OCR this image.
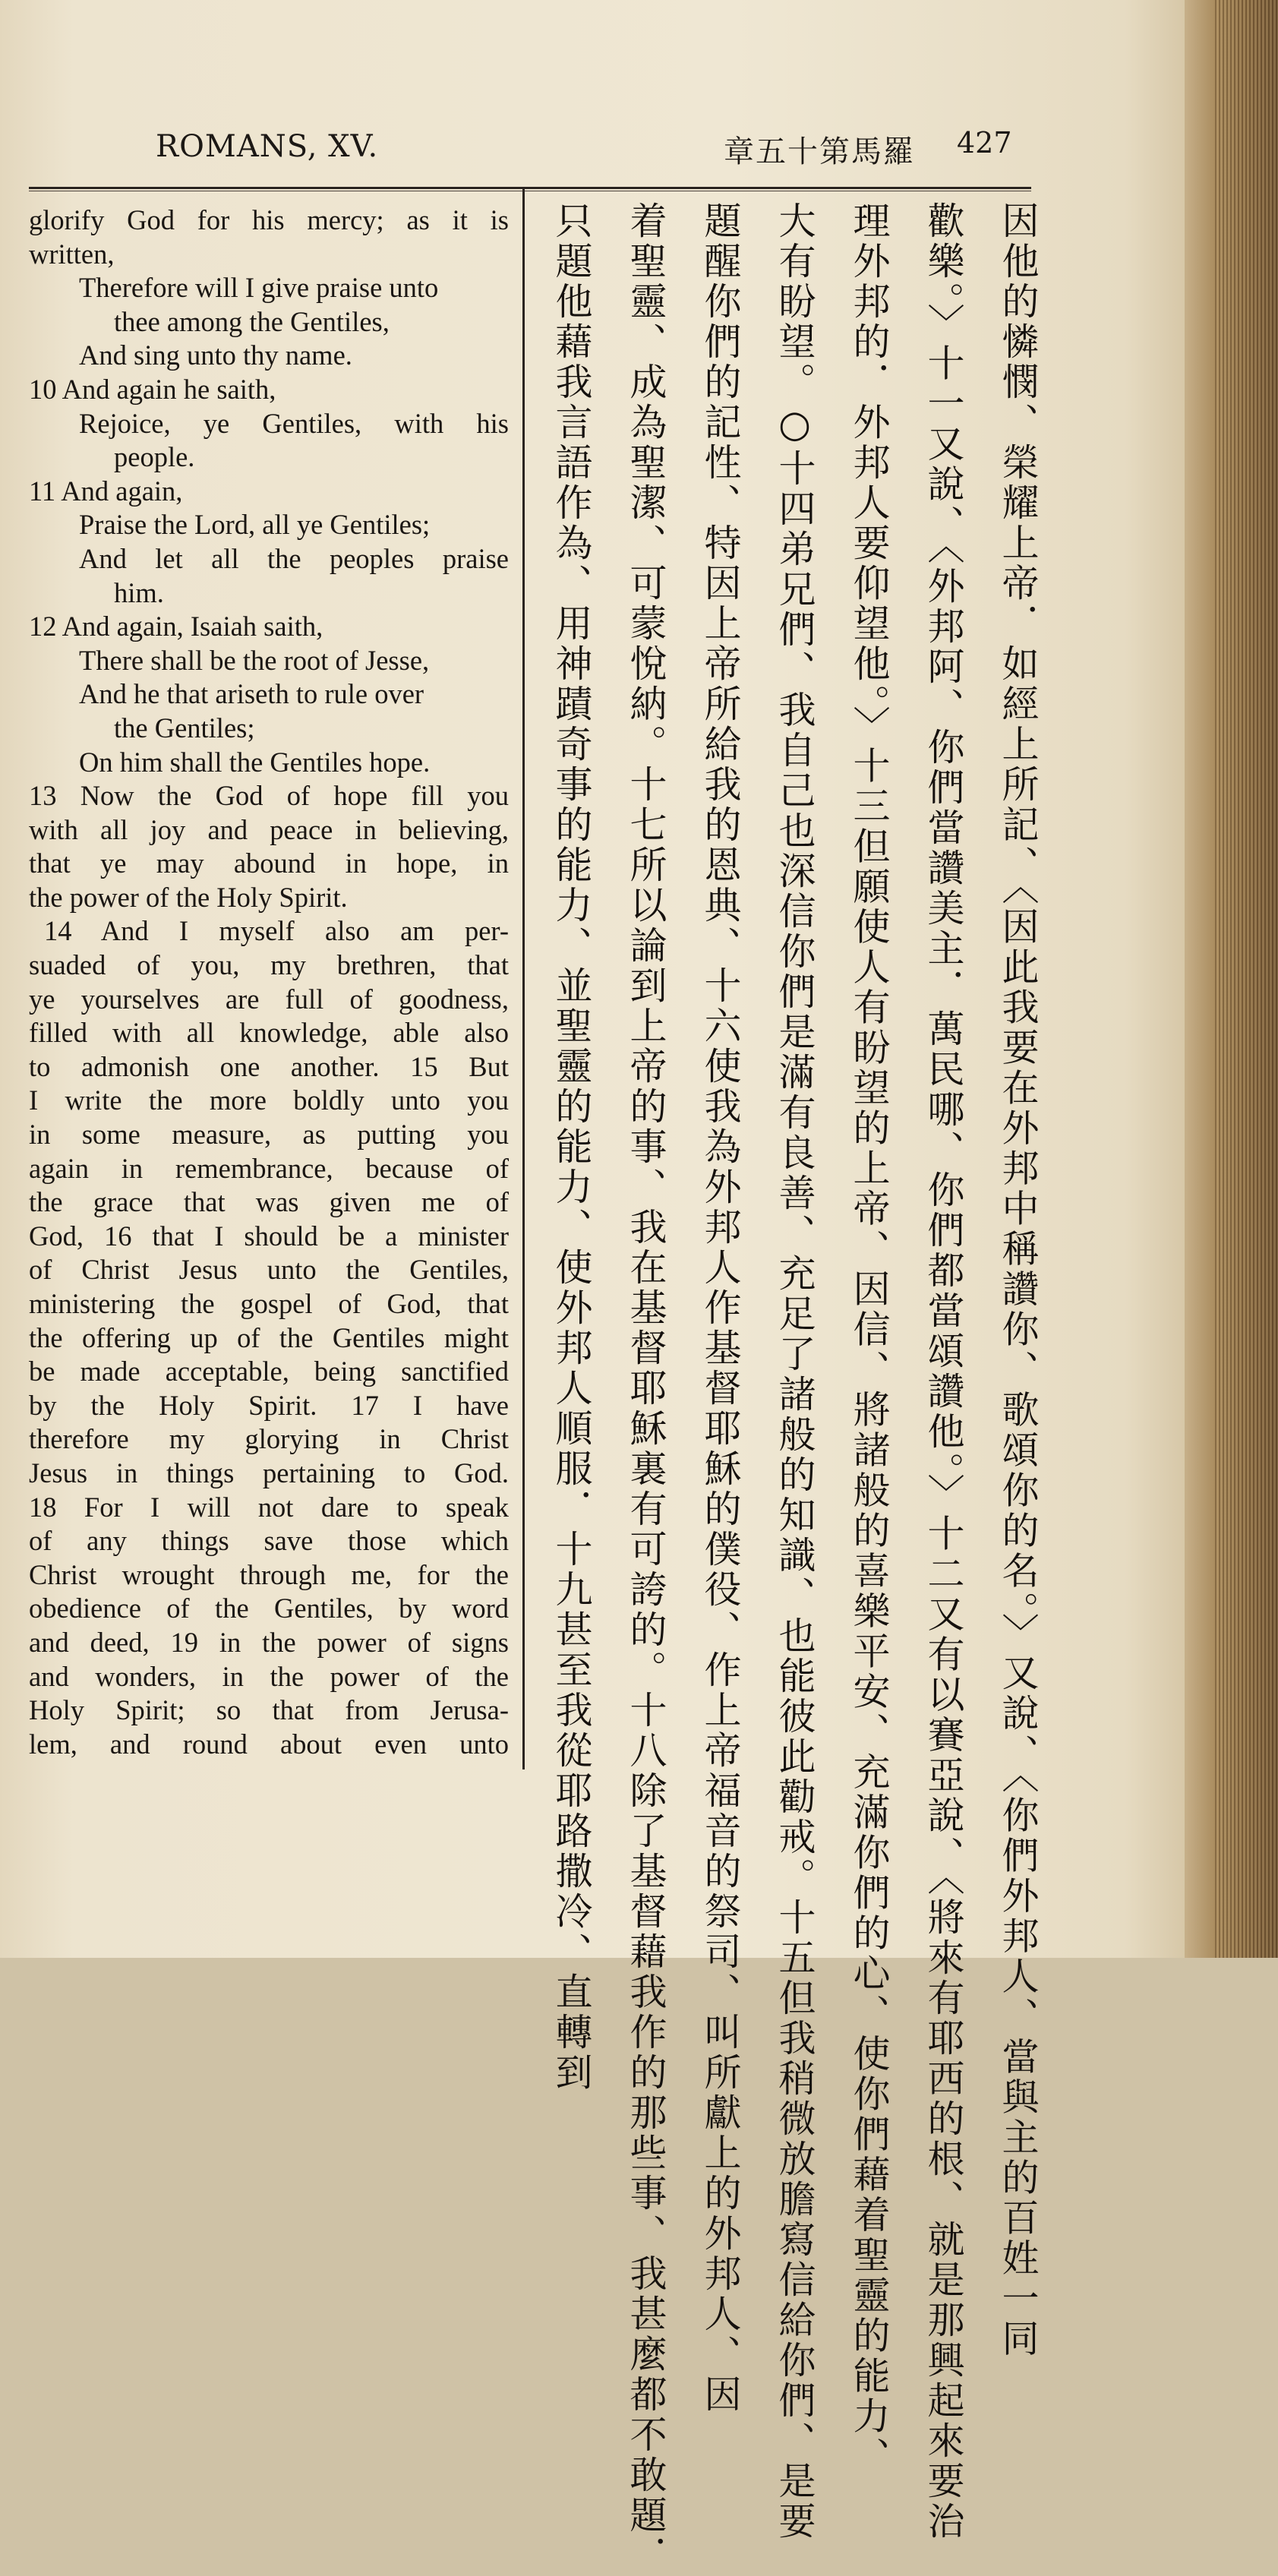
ROMANS, XV.	章五十第馬羅 427
glorify God for his mercy; as it is
written,
Therefore will I give praise unto
thee among the Gentiles,
And sing unto thy name.
10 And again he saith,
Rejoice, ye Gentiles, with his
people.
11 And again,
Praise the Lord, all ye Gentiles;
And let all the peoples praise
him.
12 And again, Isaiah saith,
There shall be the root of Jesse,
And he that ariseth to rule over
the Gentiles;
On him shall the Gentiles hope.
13 Now the God of hope fill you
with all joy and peace in believing,
that ye may abound in hope, in
the power of the Holy Spirit.
14 And I myself also am per-
suaded of you, my brethren, that
ye yourselves are full of goodness,
filled with all knowledge, able also
to admonish one another. 15 But
I write the more boldly unto you
in some measure, as putting you
again in remembrance, because of
the grace that was given me of
God, 16 that I should be a minister
of Christ Jesus unto the Gentiles,
ministering the gospel of God, that
the offering up of the Gentiles might
be made acceptable, being sanctified
by the Holy Spirit. 17 I have
therefore my glorying in Christ
Jesus in things pertaining to God.
18 For I will not dare to speak
of any things save those which
Christ wrought through me, for the
obedience of the Gentiles, by word
and deed, 19 in the power of signs
and wonders, in the power of the
Holy Spirit; so that from Jerusa-
lem, and round about even unto	因他的憐憫、榮耀上帝．如經上所記、〈因此我要在外邦中稱讚你、歌頌你的名。〉又說、〈你們外邦人、當與主的百姓一同
歡樂。〉十一又說、〈外邦阿、你們當讚美主．萬民哪、你們都當頌讚他。〉十二又有以賽亞說、〈將來有耶西的根、就是那興起來要治
理外邦的．外邦人要仰望他。〉十三但願使人有盼望的上帝、因信、將諸般的喜樂平安、充滿你們的心、使你們藉着聖靈的能力、
大有盼望。○十四弟兄們、我自己也深信你們是滿有良善、充足了諸般的知識、也能彼此勸戒。十五但我稍微放膽寫信給你們、是要
題醒你們的記性、特因上帝所給我的恩典、十六使我為外邦人作基督耶穌的僕役、作上帝福音的祭司、叫所獻上的外邦人、因
着聖靈、成為聖潔、可蒙悅納。十七所以論到上帝的事、我在基督耶穌裏有可誇的。十八除了基督藉我作的那些事、我甚麼都不敢題．
只題他藉我言語作為、用神蹟奇事的能力、並聖靈的能力、使外邦人順服．十九甚至我從耶路撒冷、直轉到
